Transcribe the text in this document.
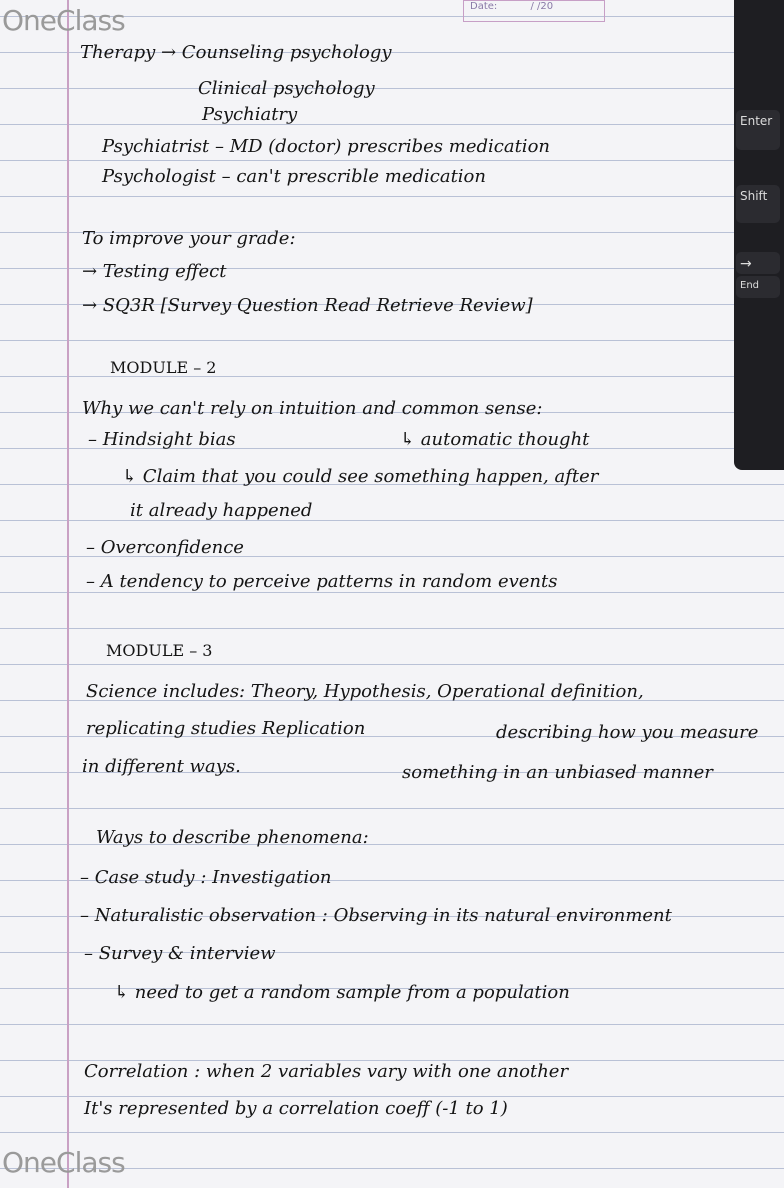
Enter
Shift
→
End
OneClass
OneClass
Date:	/ /20
Therapy → Counseling psychology
Clinical psychology
Psychiatry
Psychiatrist – MD (doctor) prescribes medication
Psychologist – can't prescrible medication
To improve your grade:
→ Testing effect
→ SQ3R [Survey Question Read Retrieve Review]
MODULE – 2
Why we can't rely on intuition and common sense:
– Hindsight bias	↳ automatic thought
↳ Claim that you could see something happen, after
it already happened
– Overconfidence
– A tendency to perceive patterns in random events
MODULE – 3
Science includes: Theory, Hypothesis, Operational definition,
replicating studies Replication	describing how you measure
in different ways.	something in an unbiased manner
Ways to describe phenomena:
– Case study : Investigation
– Naturalistic observation : Observing in its natural environment
– Survey & interview
↳ need to get a random sample from a population
Correlation : when 2 variables vary with one another
It's represented by a correlation coeff (-1 to 1)
